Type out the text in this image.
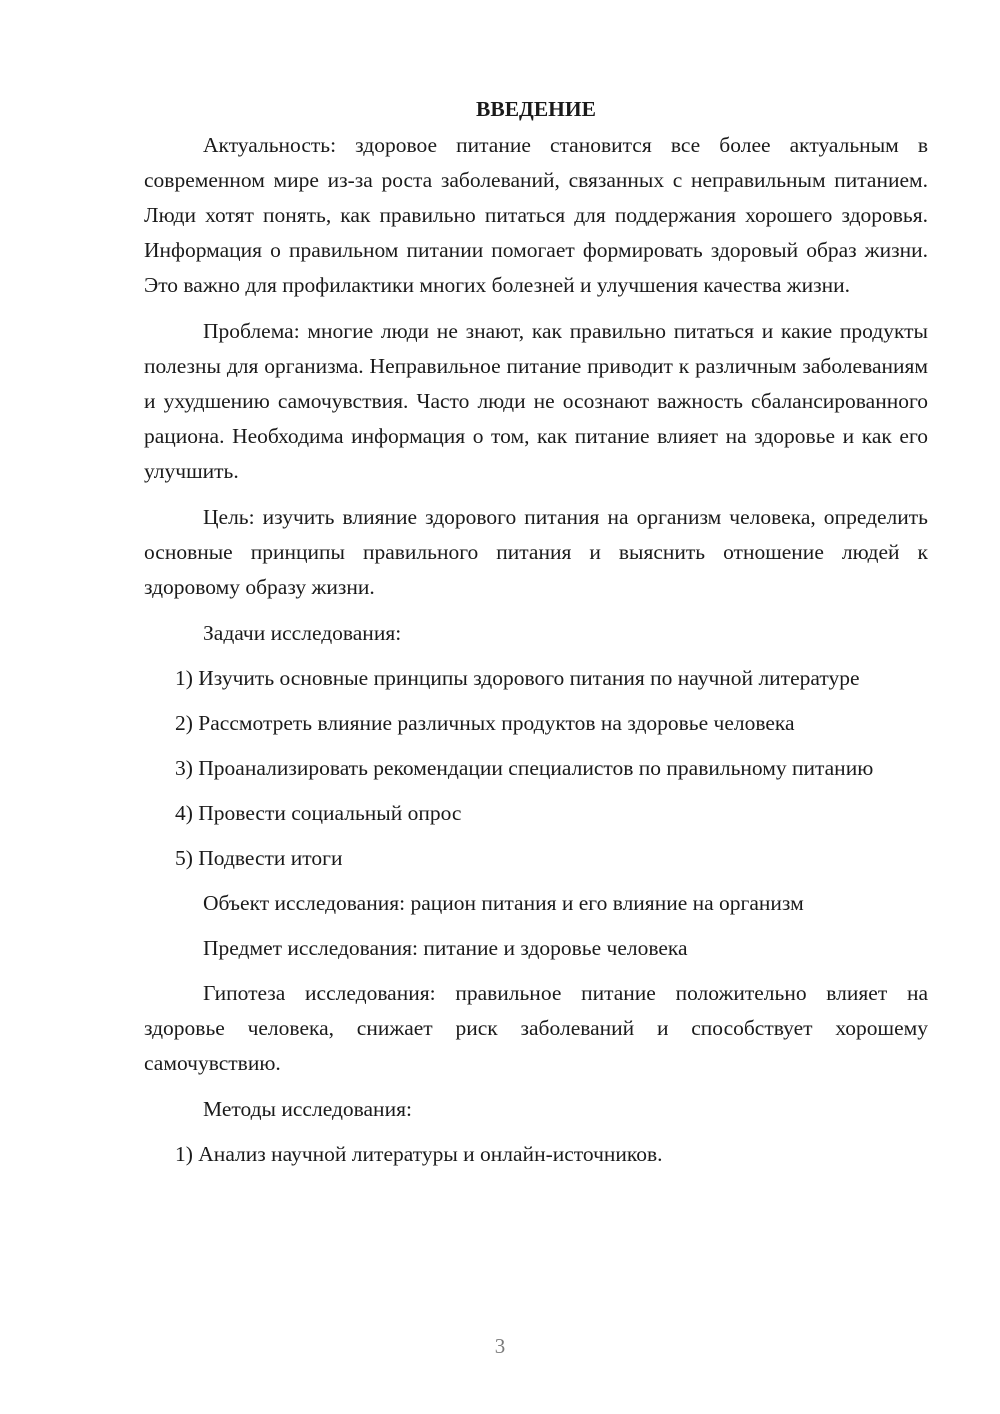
ВВЕДЕНИЕ

Актуальность: здоровое питание становится все более актуальным в современном мире из-за роста заболеваний, связанных с неправильным питанием. Люди хотят понять, как правильно питаться для поддержания хорошего здоровья. Информация о правильном питании помогает формировать здоровый образ жизни. Это важно для профилактики многих болезней и улучшения качества жизни.

Проблема: многие люди не знают, как правильно питаться и какие продукты полезны для организма. Неправильное питание приводит к различным заболеваниям и ухудшению самочувствия. Часто люди не осознают важность сбалансированного рациона. Необходима информация о том, как питание влияет на здоровье и как его улучшить.

Цель: изучить влияние здорового питания на организм человека, определить основные принципы правильного питания и выяснить отношение людей к здоровому образу жизни.

Задачи исследования:

1) Изучить основные принципы здорового питания по научной литературе

2) Рассмотреть влияние различных продуктов на здоровье человека

3) Проанализировать рекомендации специалистов по правильному питанию

4) Провести социальный опрос

5) Подвести итоги

Объект исследования: рацион питания и его влияние на организм

Предмет исследования: питание и здоровье человека

Гипотеза исследования: правильное питание положительно влияет на здоровье человека, снижает риск заболеваний и способствует хорошему самочувствию.

Методы исследования:

1) Анализ научной литературы и онлайн-источников.

3
